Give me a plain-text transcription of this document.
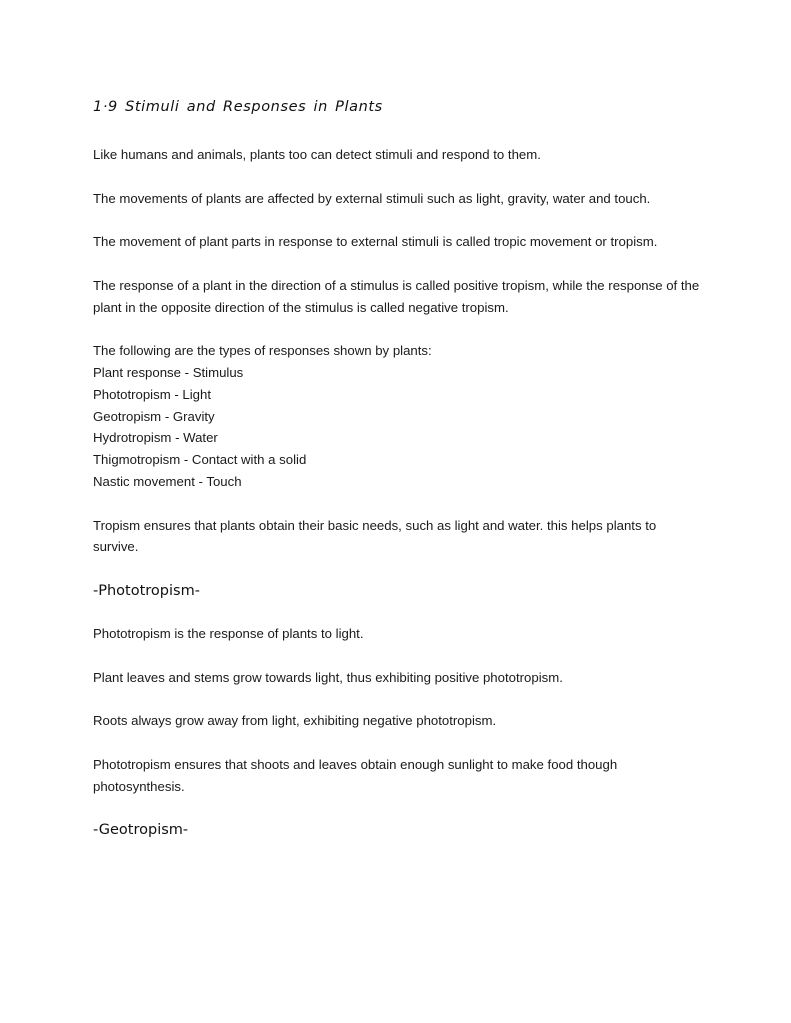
1·9 Stimuli and Responses in Plants

Like humans and animals, plants too can detect stimuli and respond to them.

The movements of plants are affected by external stimuli such as light, gravity, water and touch.

The movement of plant parts in response to external stimuli is called tropic movement or tropism.

The response of a plant in the direction of a stimulus is called positive tropism, while the response of the plant in the opposite direction of the stimulus is called negative tropism.

The following are the types of responses shown by plants:

Plant response - Stimulus
Phototropism - Light
Geotropism - Gravity
Hydrotropism - Water
Thigmotropism - Contact with a solid
Nastic movement - Touch

Tropism ensures that plants obtain their basic needs, such as light and water. this helps plants to survive.

-Phototropism-

Phototropism is the response of plants to light.

Plant leaves and stems grow towards light, thus exhibiting positive phototropism.

Roots always grow away from light, exhibiting negative phototropism.

Phototropism ensures that shoots and leaves obtain enough sunlight to make food though photosynthesis.

-Geotropism-
